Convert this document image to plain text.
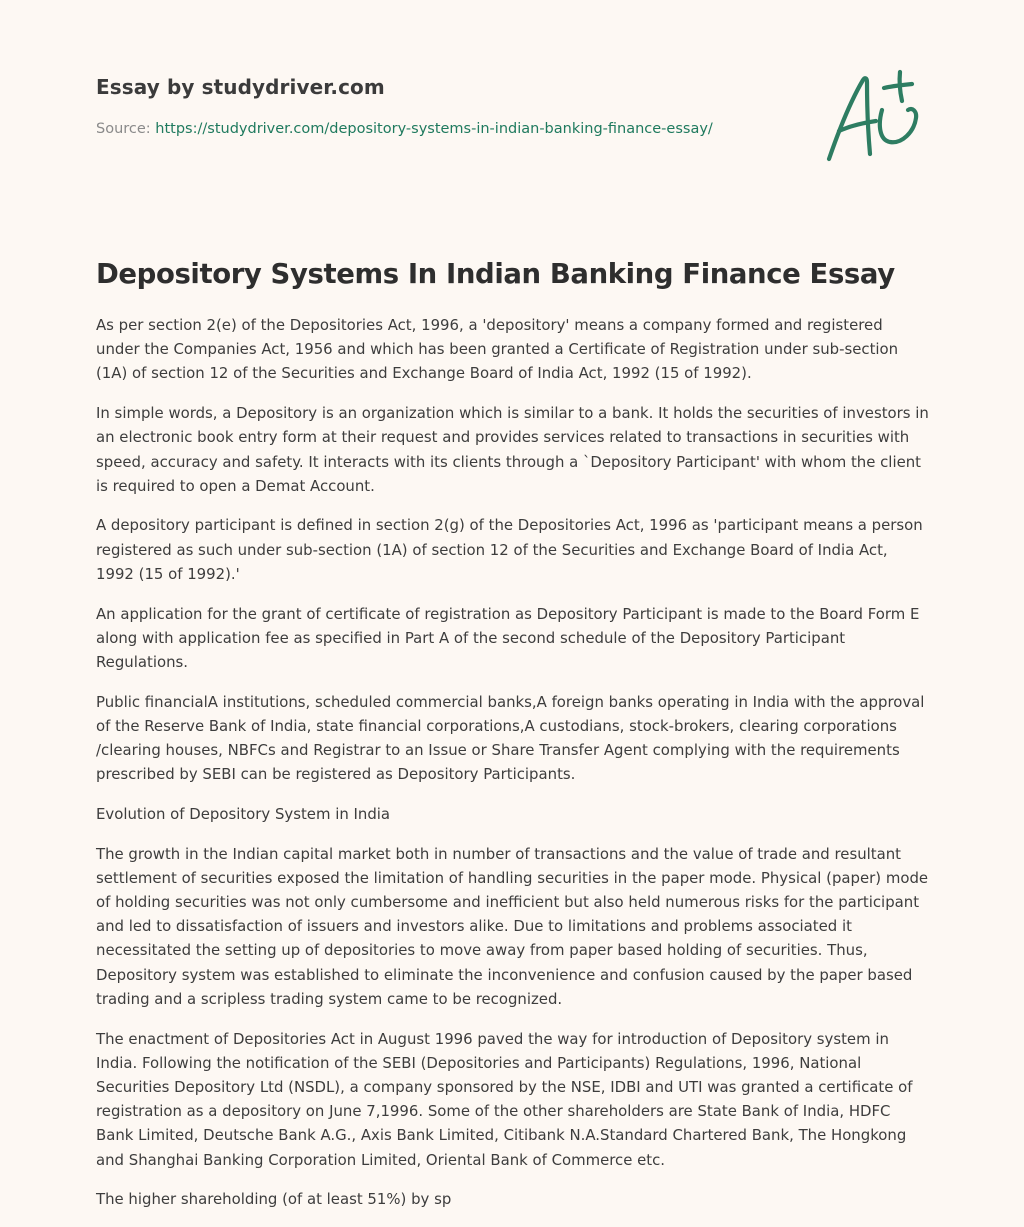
Essay by studydriver.com
Source: https://studydriver.com/depository-systems-in-indian-banking-finance-essay/
Depository Systems In Indian Banking Finance Essay

As per section 2(e) of the Depositories Act, 1996, a 'depository' means a company formed and registered under the Companies Act, 1956 and which has been granted a Certificate of Registration under sub-section (1A) of section 12 of the Securities and Exchange Board of India Act, 1992 (15 of 1992).

In simple words, a Depository is an organization which is similar to a bank. It holds the securities of investors in an electronic book entry form at their request and provides services related to transactions in securities with speed, accuracy and safety. It interacts with its clients through a `Depository Participant' with whom the client is required to open a Demat Account.

A depository participant is defined in section 2(g) of the Depositories Act, 1996 as 'participant means a person registered as such under sub-section (1A) of section 12 of the Securities and Exchange Board of India Act, 1992 (15 of 1992).'

An application for the grant of certificate of registration as Depository Participant is made to the Board Form E along with application fee as specified in Part A of the second schedule of the Depository Participant Regulations.

Public financialA institutions, scheduled commercial banks,A foreign banks operating in India with the approval of the Reserve Bank of India, state financial corporations,A custodians, stock-brokers, clearing corporations /clearing houses, NBFCs and Registrar to an Issue or Share Transfer Agent complying with the requirements prescribed by SEBI can be registered as Depository Participants.

Evolution of Depository System in India

The growth in the Indian capital market both in number of transactions and the value of trade and resultant settlement of securities exposed the limitation of handling securities in the paper mode. Physical (paper) mode of holding securities was not only cumbersome and inefficient but also held numerous risks for the participant and led to dissatisfaction of issuers and investors alike. Due to limitations and problems associated it necessitated the setting up of depositories to move away from paper based holding of securities. Thus, Depository system was established to eliminate the inconvenience and confusion caused by the paper based trading and a scripless trading system came to be recognized.

The enactment of Depositories Act in August 1996 paved the way for introduction of Depository system in India. Following the notification of the SEBI (Depositories and Participants) Regulations, 1996, National Securities Depository Ltd (NSDL), a company sponsored by the NSE, IDBI and UTI was granted a certificate of registration as a depository on June 7,1996. Some of the other shareholders are State Bank of India, HDFC Bank Limited, Deutsche Bank A.G., Axis Bank Limited, Citibank N.A.Standard Chartered Bank, The Hongkong and Shanghai Banking Corporation Limited, Oriental Bank of Commerce etc.

The higher shareholding (of at least 51%) by sp
